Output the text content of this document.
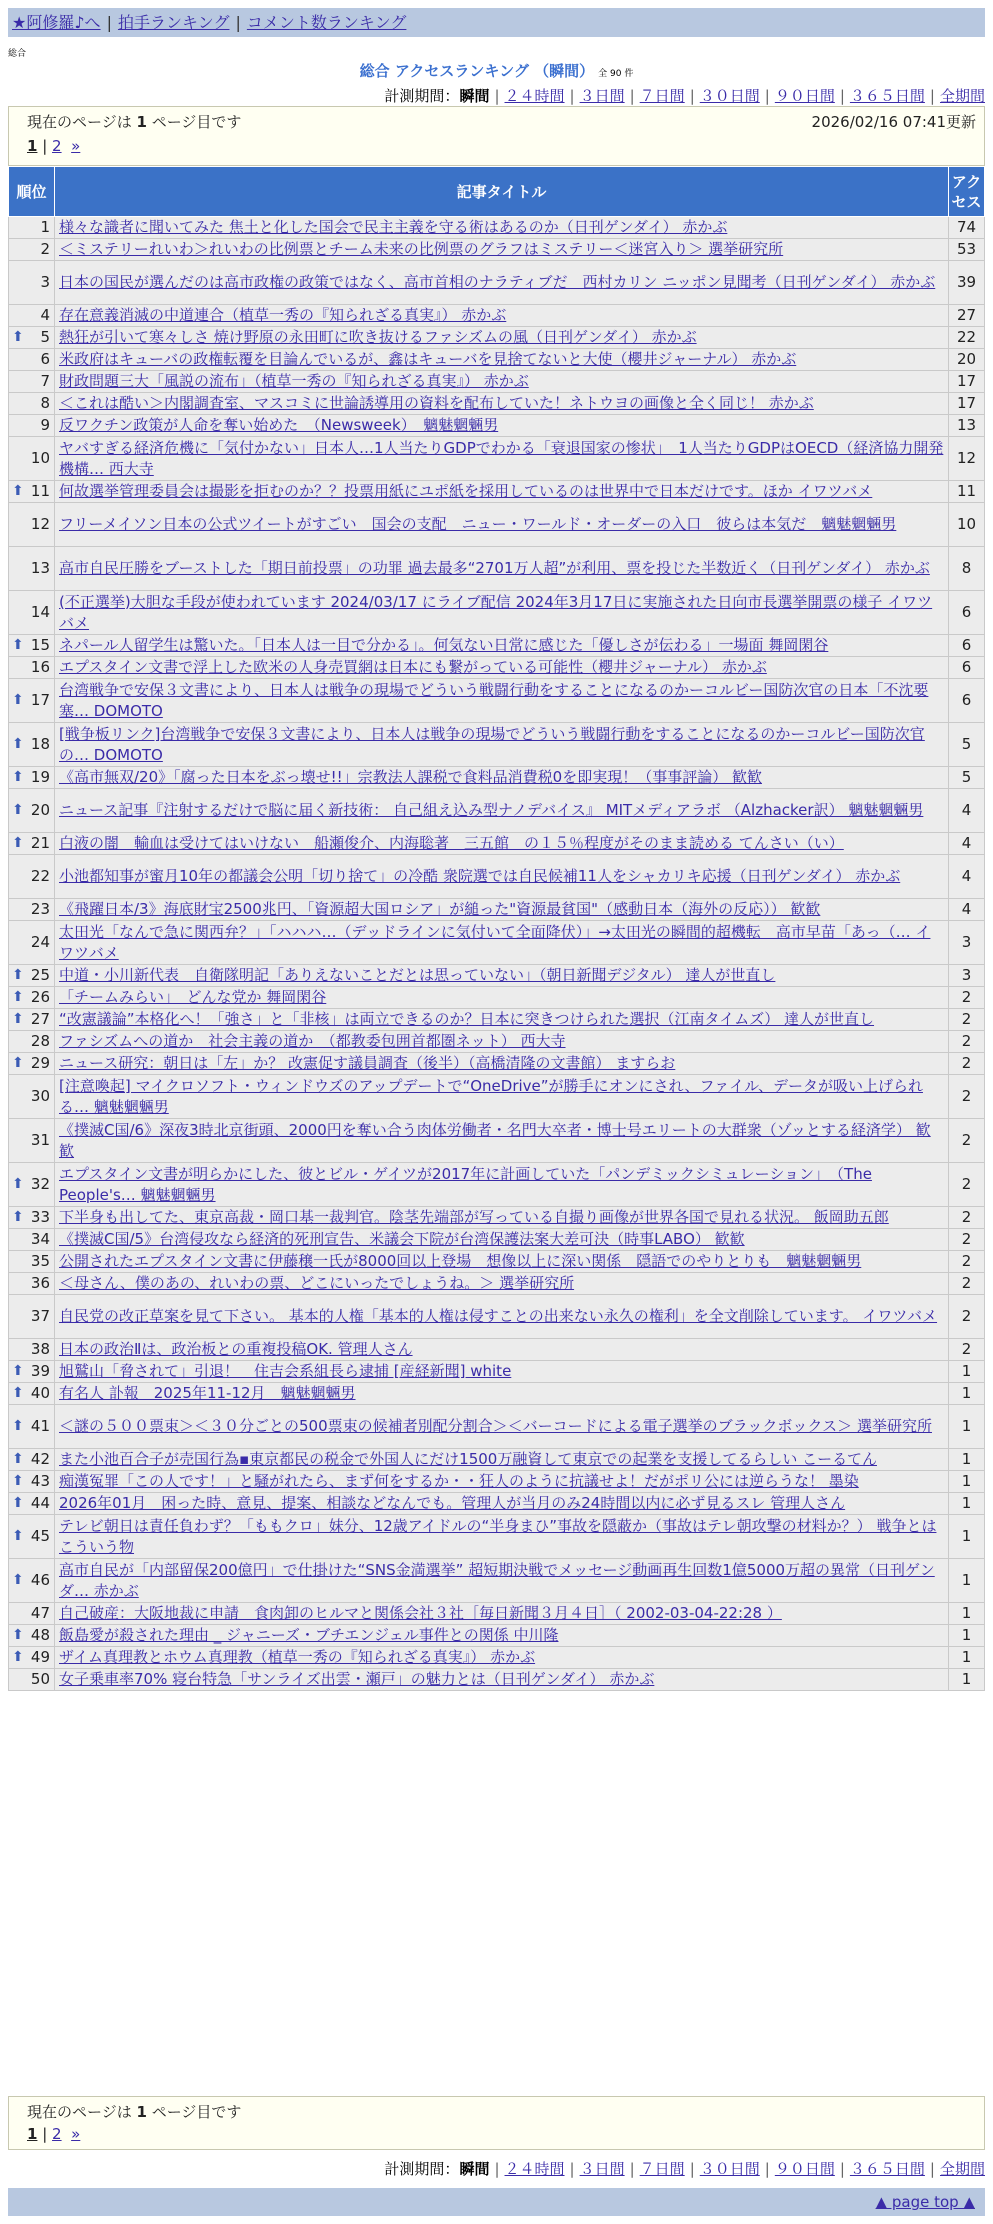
★阿修羅♪へ | 拍手ランキング | コメント数ランキング
総合
総合 アクセスランキング （瞬間） 全 90 件
計測期間：瞬間 | ２４時間 | ３日間 | ７日間 | ３０日間 | ９０日間 | ３６５日間 | 全期間
現在のページは 1 ページ目です	2026/02/16 07:41更新
1 | 2 »
順位	記事タイトル	アクセス
1	様々な識者に聞いてみた 焦土と化した国会で民主主義を守る術はあるのか（日刊ゲンダイ） 赤かぶ	74
2	＜ミステリーれいわ＞れいわの比例票とチーム未来の比例票のグラフはミステリー＜迷宮入り＞ 選挙研究所	53
3	日本の国民が選んだのは高市政権の政策ではなく、高市首相のナラティブだ　西村カリン ニッポン見聞考（日刊ゲンダイ） 赤かぶ	39
4	存在意義消滅の中道連合（植草一秀の『知られざる真実』） 赤かぶ	27

⬆ 5	熱狂が引いて寒々しさ 焼け野原の永田町に吹き抜けるファシズムの風（日刊ゲンダイ） 赤かぶ	22
6	米政府はキューバの政権転覆を目論んでいるが、鑫はキューバを見捨てないと大使（櫻井ジャーナル） 赤かぶ	20
7	財政問題三大「風説の流布」（植草一秀の『知られざる真実』） 赤かぶ	17
8	＜これは酷い＞内閣調査室、マスコミに世論誘導用の資料を配布していた！ネトウヨの画像と全く同じ！ 赤かぶ	17
9	反ワクチン政策が人命を奪い始めた　（Newsweek）　魑魅魍魎男	13
10	ヤバすぎる経済危機に「気付かない」日本人…1人当たりGDPでわかる「衰退国家の惨状」　1人当たりGDPはOECD（経済協力開発機構… 西大寺	12

⬆ 11	何故選挙管理委員会は撮影を拒むのか？？投票用紙にユポ紙を採用しているのは世界中で日本だけです。ほか イワツバメ	11
12	フリーメイソン日本の公式ツイートがすごい　国会の支配　ニュー・ワールド・オーダーの入口　彼らは本気だ　魑魅魍魎男	10
13	高市自民圧勝をブーストした「期日前投票」の功罪 過去最多“2701万人超”が利用、票を投じた半数近く（日刊ゲンダイ） 赤かぶ	8
14	(不正選挙)大胆な手段が使われています 2024/03/17 にライブ配信 2024年3月17日に実施された日向市長選挙開票の様子 イワツバメ	6

⬆ 15	ネパール人留学生は驚いた。「日本人は一目で分かる」。何気ない日常に感じた「優しさが伝わる」一場面 舞岡閑谷	6
16	エプスタイン文書で浮上した欧米の人身売買網は日本にも繋がっている可能性（櫻井ジャーナル） 赤かぶ	6

⬆ 17	台湾戦争で安保３文書により、日本人は戦争の現場でどういう戦闘行動をすることになるのかーコルビー国防次官の日本「不沈要塞… DOMOTO	6

⬆ 18	[戦争板リンク]台湾戦争で安保３文書により、日本人は戦争の現場でどういう戦闘行動をすることになるのかーコルビー国防次官の… DOMOTO	5

⬆ 19	《高市無双/20》「腐った日本をぶっ壊せ!!」宗教法人課税で食料品消費税0を即実現！（事事評論） 歓歓	5

⬆ 20	ニュース記事『注射するだけで脳に届く新技術： 自己組え込み型ナノデバイス』 MITメディアラボ （Alzhacker訳） 魑魅魍魎男	4

⬆ 21	白液の闇　輸血は受けてはいけない　船瀬俊介、内海聡著　三五館　の１５％程度がそのまま読める てんさい（い）	4
22	小池都知事が蜜月10年の都議会公明「切り捨て」の冷酷 衆院選では自民候補11人をシャカリキ応援（日刊ゲンダイ） 赤かぶ	4
23	《飛躍日本/3》海底財宝2500兆円、「資源超大国ロシア」が縋った"資源最貧国"（感動日本（海外の反応）） 歓歓	4
24	太田光「なんで急に関西弁？」「ハハハ…（デッドラインに気付いて全面降伏）」→太田光の瞬間的超機転　高市早苗「あっ（… イワツバメ	3

⬆ 25	中道・小川新代表　自衛隊明記「ありえないことだとは思っていない」（朝日新聞デジタル） 達人が世直し	3

⬆ 26	「チームみらい」　どんな党か 舞岡閑谷	2

⬆ 27	“改憲議論”本格化へ！「強さ」と「非核」は両立できるのか？日本に突きつけられた選択（江南タイムズ） 達人が世直し	2
28	ファシズムへの道か　社会主義の道か　（都教委包囲首都圏ネット） 西大寺	2

⬆ 29	ニュース研究：朝日は「左」か？ 改憲促す議員調査（後半）（高橋清隆の文書館） ますらお	2
30	[注意喚起] マイクロソフト・ウィンドウズのアップデートで“OneDrive”が勝手にオンにされ、ファイル、データが吸い上げられる… 魑魅魍魎男	2
31	《撲滅C国/6》深夜3時北京街頭、2000円を奪い合う肉体労働者・名門大卒者・博士号エリートの大群衆（ゾッとする経済学） 歓歓	2

⬆ 32	エプスタイン文書が明らかにした、彼とビル・ゲイツが2017年に計画していた「パンデミックシミュレーション」　（The People's… 魑魅魍魎男	2

⬆ 33	下半身も出してた、東京高裁・岡口基一裁判官。陰茎先端部が写っている自撮り画像が世界各国で見れる状況。 飯岡助五郎	2
34	《撲滅C国/5》台湾侵攻なら経済的死刑宣告、米議会下院が台湾保護法案大差可決（時事LABO） 歓歓	2
35	公開されたエプスタイン文書に伊藤穣一氏が8000回以上登場　想像以上に深い関係　隠語でのやりとりも　魑魅魍魎男	2
36	＜母さん、僕のあの、れいわの票、どこにいったでしょうね。＞ 選挙研究所	2
37	自民党の改正草案を見て下さい。 基本的人権「基本的人権は侵すことの出来ない永久の権利」を全文削除しています。 イワツバメ	2
38	日本の政治Ⅱは、政治板との重複投稿OK. 管理人さん	2

⬆ 39	旭鷲山「脅されて」引退！　住吉会系組長ら逮捕 [産経新聞] white	1

⬆ 40	有名人 訃報　2025年11-12月　魑魅魍魎男	1

⬆ 41	＜謎の５００票束＞＜３０分ごとの500票束の候補者別配分割合＞＜バーコードによる電子選挙のブラックボックス＞ 選挙研究所	1

⬆ 42	また小池百合子が売国行為▪東京都民の税金で外国人にだけ1500万融資して東京での起業を支援してるらしい こーるてん	1

⬆ 43	痴漢冤罪「この人です！」と騒がれたら、まず何をするか・・狂人のように抗議せよ！だがポリ公には逆らうな！ 墨染	1

⬆ 44	2026年01月　困った時、意見、提案、相談などなんでも。管理人が当月のみ24時間以内に必ず見るスレ 管理人さん	1

⬆ 45	テレビ朝日は責任負わず？「ももクロ」妹分、12歳アイドルの“半身まひ”事故を隠蔽か（事故はテレ朝攻撃の材料か？） 戦争とはこういう物	1

⬆ 46	高市自民が「内部留保200億円」で仕掛けた“SNS金満選挙” 超短期決戦でメッセージ動画再生回数1億5000万超の異常（日刊ゲンダ… 赤かぶ	1
47	自己破産：大阪地裁に申請　食肉卸のヒルマと関係会社３社［毎日新聞３月４日］（ 2002-03-04-22:28 ）	1

⬆ 48	飯島愛が殺された理由 _ ジャニーズ・ブチエンジェル事件との関係 中川隆	1

⬆ 49	ザイム真理教とホウム真理教（植草一秀の『知られざる真実』） 赤かぶ	1
50	女子乗車率70% 寝台特急「サンライズ出雲・瀬戸」の魅力とは（日刊ゲンダイ） 赤かぶ	1
現在のページは 1 ページ目です
1 | 2 »
計測期間：瞬間 | ２４時間 | ３日間 | ７日間 | ３０日間 | ９０日間 | ３６５日間 | 全期間
▲ page top ▲
